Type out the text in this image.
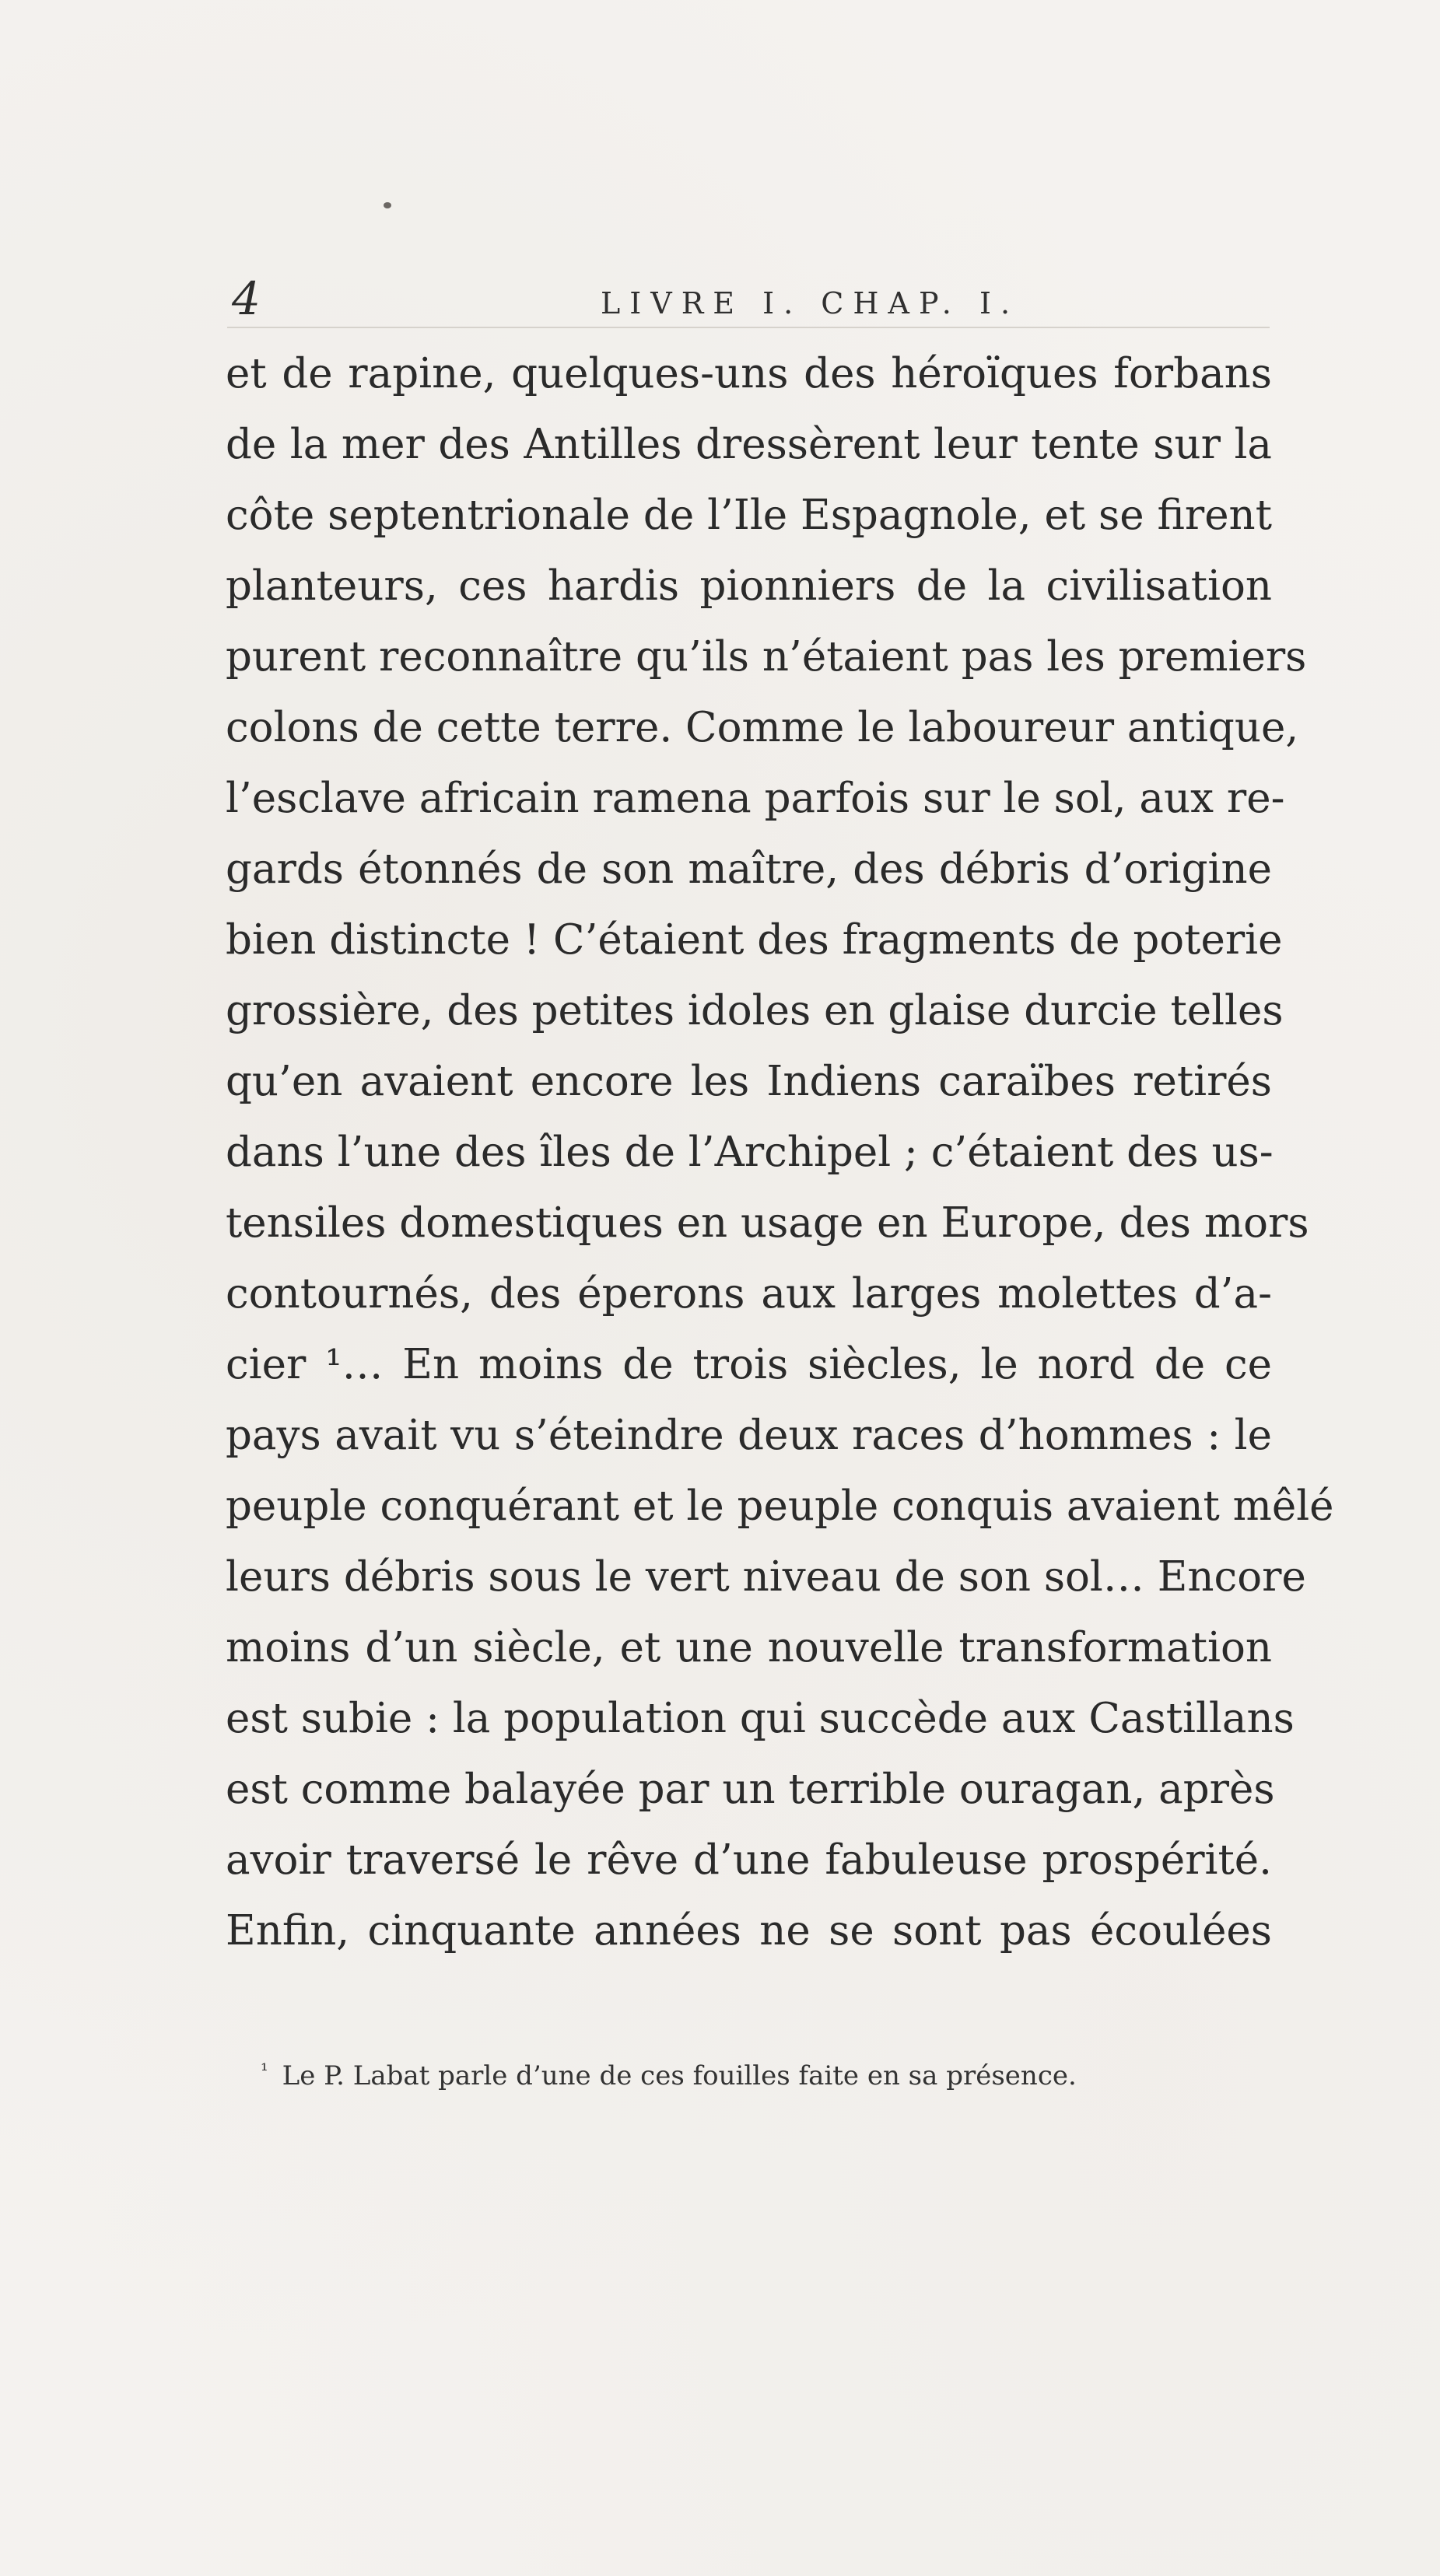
4	LIVRE I. CHAP. I.
et de rapine, quelques-uns des héroïques forbans
de la mer des Antilles dressèrent leur tente sur la
côte septentrionale de l’Ile Espagnole, et se firent
planteurs, ces hardis pionniers de la civilisation
purent reconnaître qu’ils n’étaient pas les premiers
colons de cette terre. Comme le laboureur antique,
l’esclave africain ramena parfois sur le sol, aux re-
gards étonnés de son maître, des débris d’origine
bien distincte ! C’étaient des fragments de poterie
grossière, des petites idoles en glaise durcie telles
qu’en avaient encore les Indiens caraïbes retirés
dans l’une des îles de l’Archipel ; c’étaient des us-
tensiles domestiques en usage en Europe, des mors
contournés, des éperons aux larges molettes d’a-
cier ¹… En moins de trois siècles, le nord de ce
pays avait vu s’éteindre deux races d’hommes : le
peuple conquérant et le peuple conquis avaient mêlé
leurs débris sous le vert niveau de son sol… Encore
moins d’un siècle, et une nouvelle transformation
est subie : la population qui succède aux Castillans
est comme balayée par un terrible ouragan, après
avoir traversé le rêve d’une fabuleuse prospérité.
Enfin, cinquante années ne se sont pas écoulées
$^{^1}$ Le P. Labat parle d’une de ces fouilles faite en sa présence.
